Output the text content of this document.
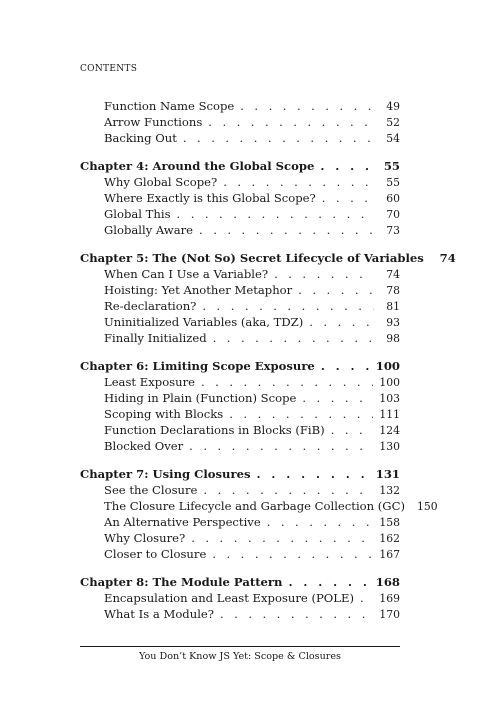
CONTENTS
Function Name Scope . . .	49
Arrow Functions . . .	52
Backing Out . . .	54
Chapter 4: Around the Global Scope . . .	55
Why Global Scope? . . .	55
Where Exactly is this Global Scope? . . .	60
Global This . . .	70
Globally Aware . . .	73
Chapter 5: The (Not So) Secret Lifecycle of Variables	74
When Can I Use a Variable? . . .	74
Hoisting: Yet Another Metaphor . . .	78
Re-declaration? . . .	81
Uninitialized Variables (aka, TDZ) . . .	93
Finally Initialized . . .	98
Chapter 6: Limiting Scope Exposure . . .	100
Least Exposure . . .	100
Hiding in Plain (Function) Scope . . .	103
Scoping with Blocks . . .	111
Function Declarations in Blocks (FiB) . . .	124
Blocked Over . . .	130
Chapter 7: Using Closures . . .	131
See the Closure . . .	132
The Closure Lifecycle and Garbage Collection (GC) 150
An Alternative Perspective . . .	158
Why Closure? . . .	162
Closer to Closure . . .	167
Chapter 8: The Module Pattern . . .	168
Encapsulation and Least Exposure (POLE) . . . 169
What Is a Module? . . .	170
You Don’t Know JS Yet: Scope & Closures
